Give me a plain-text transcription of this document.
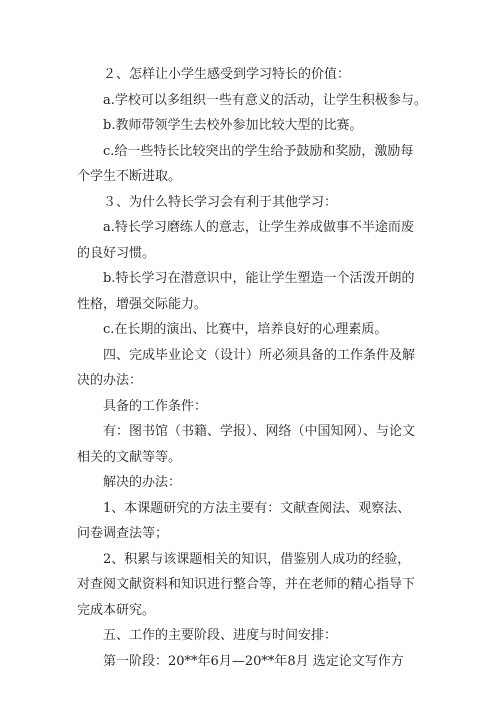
２、怎样让小学生感受到学习特长的价值：
a.学校可以多组织一些有意义的活动，让学生积极参与。
b.教师带领学生去校外参加比较大型的比赛。
c.给一些特长比较突出的学生给予鼓励和奖励，激励每
个学生不断进取。
３、为什么特长学习会有利于其他学习：
a.特长学习磨练人的意志，让学生养成做事不半途而废
的良好习惯。
b.特长学习在潜意识中，能让学生塑造一个活泼开朗的
性格，增强交际能力。
c.在长期的演出、比赛中，培养良好的心理素质。
四、完成毕业论文（设计）所必须具备的工作条件及解
决的办法：
具备的工作条件：
有：图书馆（书籍、学报）、网络（中国知网）、与论文
相关的文献等等。
解决的办法：
1、本课题研究的方法主要有：文献查阅法、观察法、
问卷调查法等；
2、积累与该课题相关的知识，借鉴别人成功的经验，
对查阅文献资料和知识进行整合等，并在老师的精心指导下
完成本研究。
五、工作的主要阶段、进度与时间安排：
第一阶段：20**年6月—20**年8月 选定论文写作方
